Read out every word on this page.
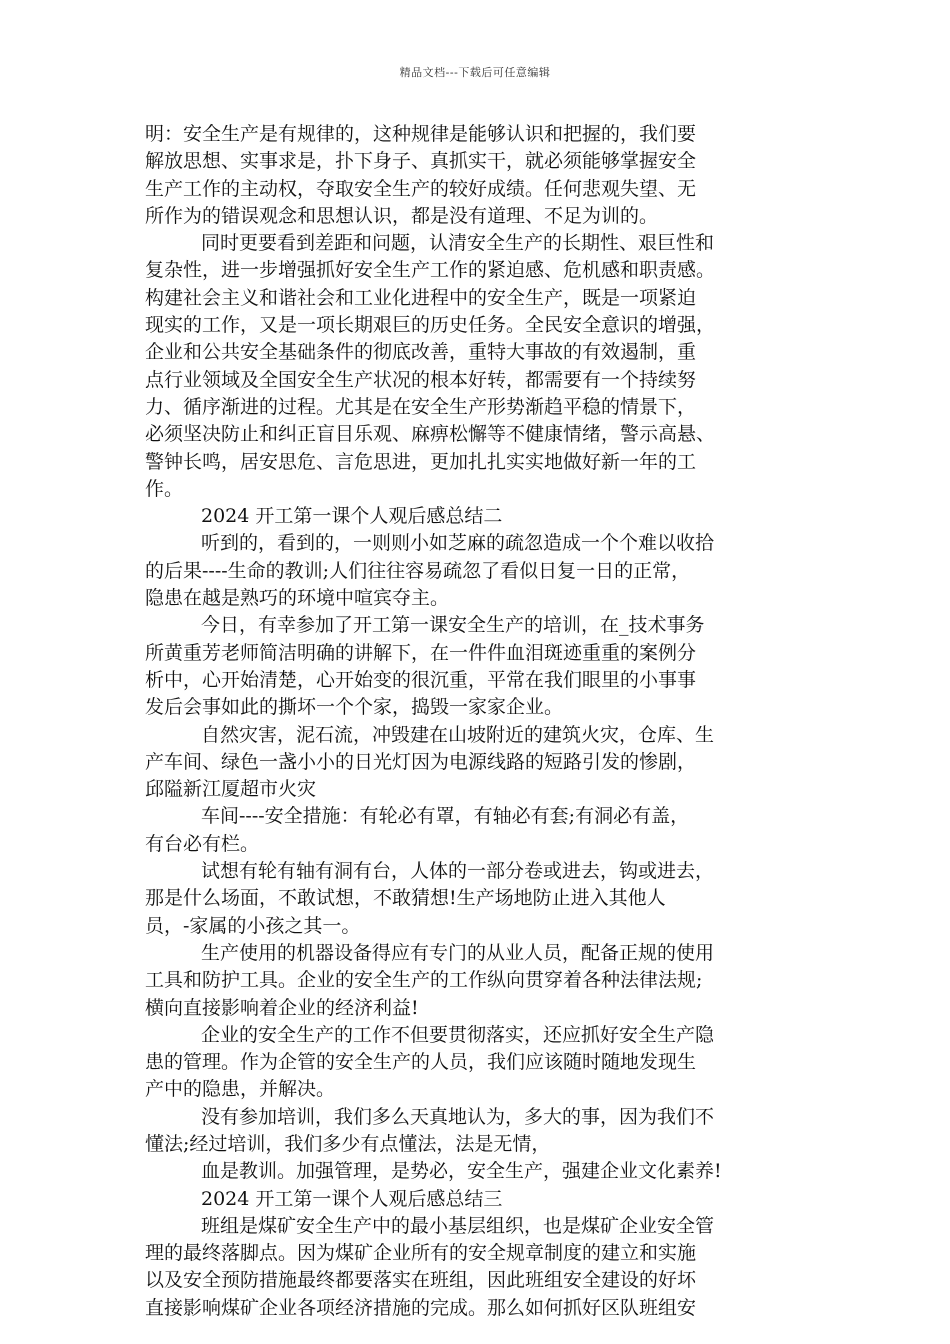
精品文档---下载后可任意编辑
明：安全生产是有规律的，这种规律是能够认识和把握的，我们要
解放思想、实事求是，扑下身子、真抓实干，就必须能够掌握安全
生产工作的主动权，夺取安全生产的较好成绩。任何悲观失望、无
所作为的错误观念和思想认识，都是没有道理、不足为训的。
同时更要看到差距和问题，认清安全生产的长期性、艰巨性和
复杂性，进一步增强抓好安全生产工作的紧迫感、危机感和职责感。
构建社会主义和谐社会和工业化进程中的安全生产，既是一项紧迫
现实的工作，又是一项长期艰巨的历史任务。全民安全意识的增强，
企业和公共安全基础条件的彻底改善，重特大事故的有效遏制，重
点行业领域及全国安全生产状况的根本好转，都需要有一个持续努
力、循序渐进的过程。尤其是在安全生产形势渐趋平稳的情景下，
必须坚决防止和纠正盲目乐观、麻痹松懈等不健康情绪，警示高悬、
警钟长鸣，居安思危、言危思进，更加扎扎实实地做好新一年的工
作。
2024 开工第一课个人观后感总结二
听到的，看到的，一则则小如芝麻的疏忽造成一个个难以收拾
的后果----生命的教训;人们往往容易疏忽了看似日复一日的正常，
隐患在越是熟巧的环境中喧宾夺主。
今日，有幸参加了开工第一课安全生产的培训，在_技术事务
所黄重芳老师简洁明确的讲解下，在一件件血泪斑迹重重的案例分
析中，心开始清楚，心开始变的很沉重，平常在我们眼里的小事事
发后会事如此的撕坏一个个家，捣毁一家家企业。
自然灾害，泥石流，冲毁建在山坡附近的建筑火灾，仓库、生
产车间、绿色一盏小小的日光灯因为电源线路的短路引发的惨剧，
邱隘新江厦超市火灾
车间----安全措施：有轮必有罩，有轴必有套;有洞必有盖，
有台必有栏。
试想有轮有轴有洞有台，人体的一部分卷或进去，钩或进去，
那是什么场面，不敢试想，不敢猜想!生产场地防止进入其他人
员，-家属的小孩之其一。
生产使用的机器设备得应有专门的从业人员，配备正规的使用
工具和防护工具。企业的安全生产的工作纵向贯穿着各种法律法规;
横向直接影响着企业的经济利益!
企业的安全生产的工作不但要贯彻落实，还应抓好安全生产隐
患的管理。作为企管的安全生产的人员，我们应该随时随地发现生
产中的隐患，并解决。
没有参加培训，我们多么天真地认为，多大的事，因为我们不
懂法;经过培训，我们多少有点懂法，法是无情，
血是教训。加强管理，是势必，安全生产，强建企业文化素养!
2024 开工第一课个人观后感总结三
班组是煤矿安全生产中的最小基层组织，也是煤矿企业安全管
理的最终落脚点。因为煤矿企业所有的安全规章制度的建立和实施
以及安全预防措施最终都要落实在班组，因此班组安全建设的好坏
直接影响煤矿企业各项经济措施的完成。那么如何抓好区队班组安
